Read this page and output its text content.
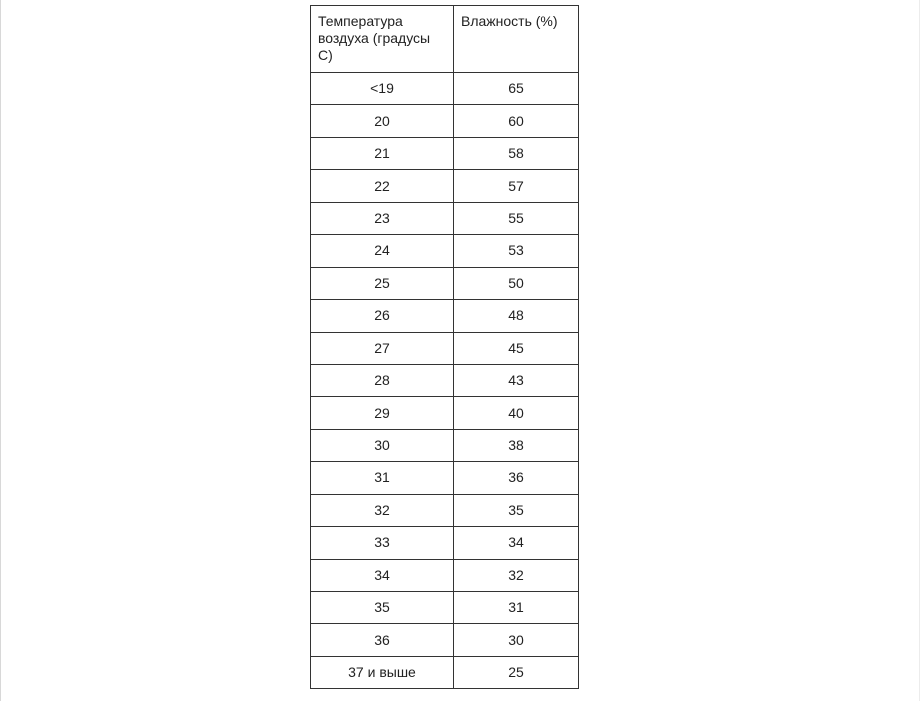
Температура воздуха (градусы С)	Влажность (%)
<19	65
20	60
21	58
22	57
23	55
24	53
25	50
26	48
27	45
28	43
29	40
30	38
31	36
32	35
33	34
34	32
35	31
36	30
37 и выше	25
